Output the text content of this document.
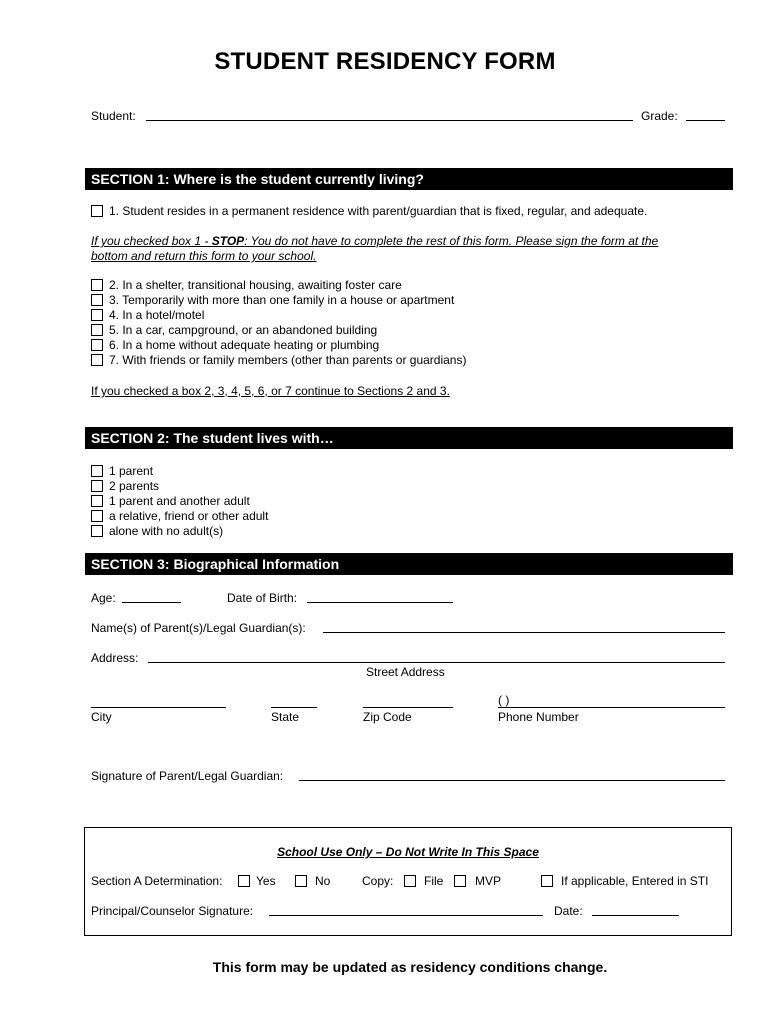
STUDENT RESIDENCY FORM
Student:	Grade:
SECTION 1: Where is the student currently living?
1. Student resides in a permanent residence with parent/guardian that is fixed, regular, and adequate.
If you checked box 1 - STOP: You do not have to complete the rest of this form. Please sign the form at the
bottom and return this form to your school.
2. In a shelter, transitional housing, awaiting foster care
3. Temporarily with more than one family in a house or apartment
4. In a hotel/motel
5. In a car, campground, or an abandoned building
6. In a home without adequate heating or plumbing
7. With friends or family members (other than parents or guardians)
If you checked a box 2, 3, 4, 5, 6, or 7 continue to Sections 2 and 3.
SECTION 2: The student lives with…
1 parent
2 parents
1 parent and another adult
a relative, friend or other adult
alone with no adult(s)
SECTION 3: Biographical Information
Age:	Date of Birth:
Name(s) of Parent(s)/Legal Guardian(s):
Address:
Street Address
( )
City	State	Zip Code	Phone Number
Signature of Parent/Legal Guardian:
School Use Only – Do Not Write In This Space
Section A Determination:	Yes	No	Copy:	File	MVP	If applicable, Entered in STI
Principal/Counselor Signature:	Date:
This form may be updated as residency conditions change.
